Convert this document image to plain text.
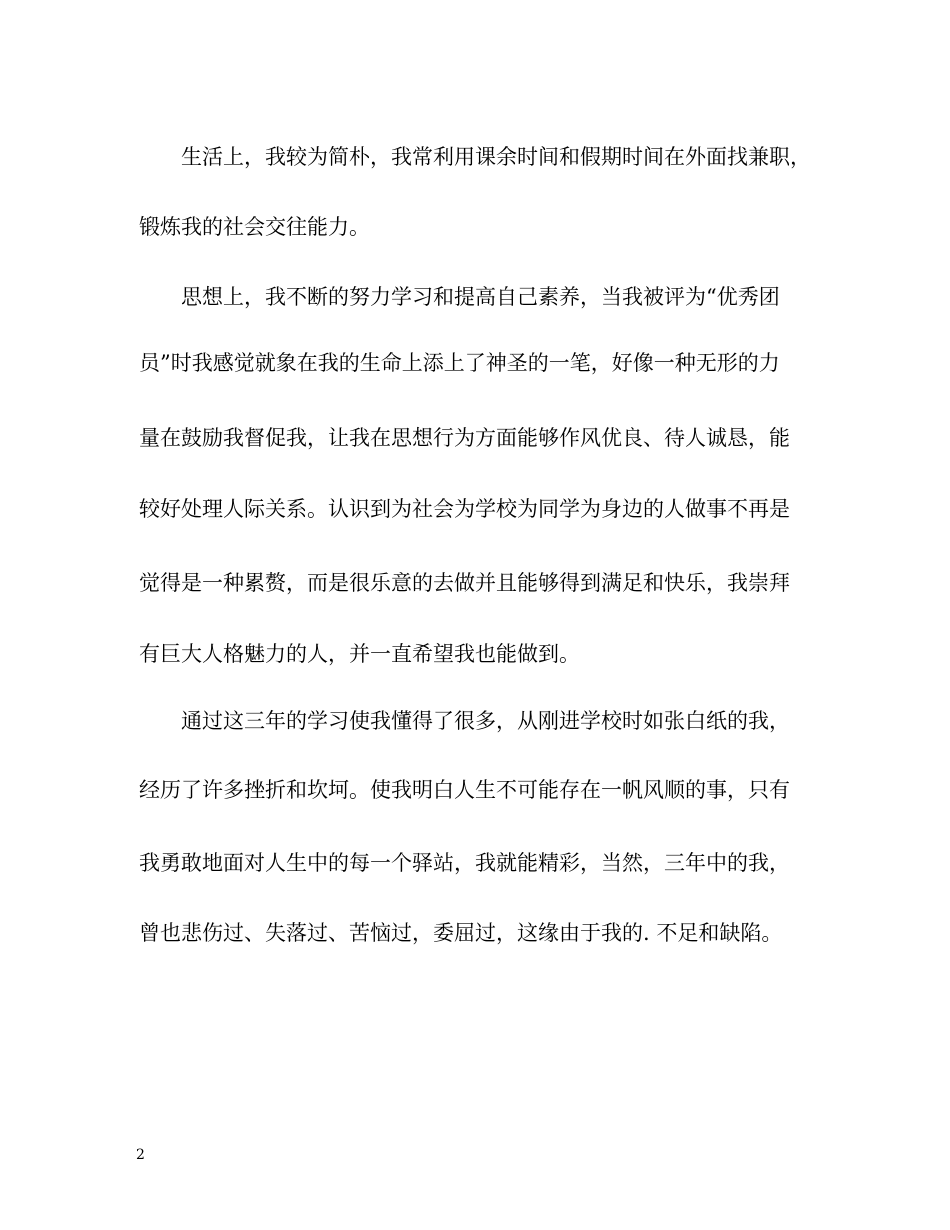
生活上，我较为简朴，我常利用课余时间和假期时间在外面找兼职，
锻炼我的社会交往能力。
思想上，我不断的努力学习和提高自己素养，当我被评为“优秀团
员”时我感觉就象在我的生命上添上了神圣的一笔，好像一种无形的力
量在鼓励我督促我，让我在思想行为方面能够作风优良、待人诚恳，能
较好处理人际关系。认识到为社会为学校为同学为身边的人做事不再是
觉得是一种累赘，而是很乐意的去做并且能够得到满足和快乐，我崇拜
有巨大人格魅力的人，并一直希望我也能做到。
通过这三年的学习使我懂得了很多，从刚进学校时如张白纸的我，
经历了许多挫折和坎坷。使我明白人生不可能存在一帆风顺的事，只有
我勇敢地面对人生中的每一个驿站，我就能精彩，当然，三年中的我，
曾也悲伤过、失落过、苦恼过，委屈过，这缘由于我的. 不足和缺陷。
2
